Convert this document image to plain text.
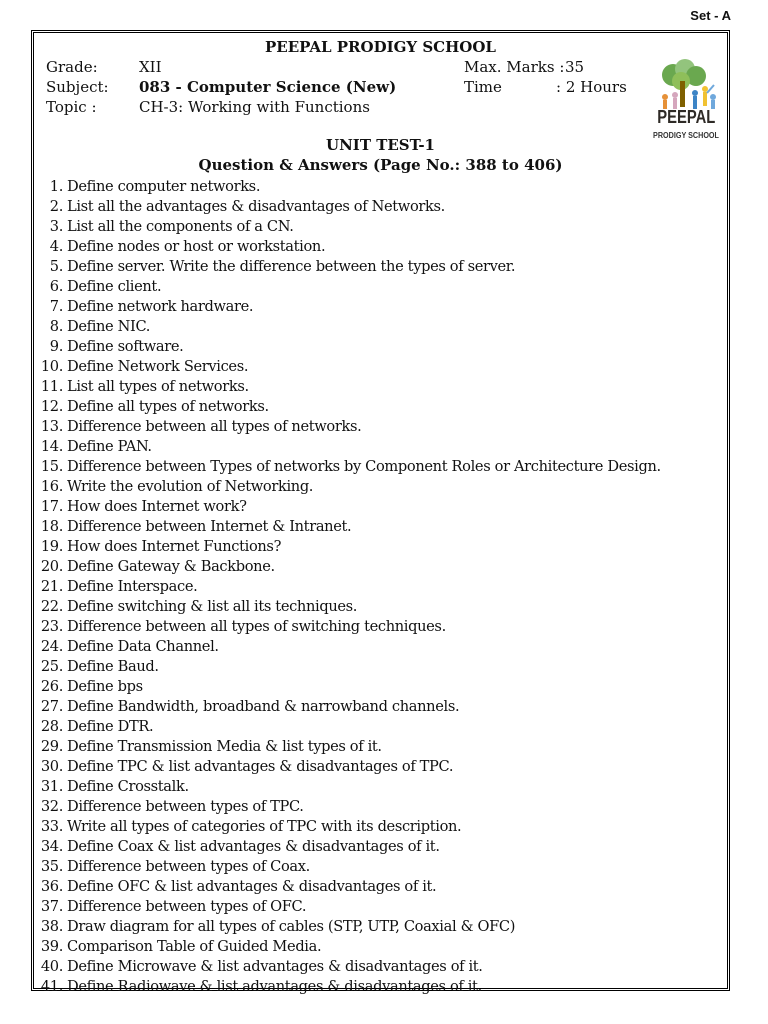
Set - A
PEEPAL PRODIGY SCHOOL
Grade:	XII
Subject: 083 - Computer Science (New)
Topic :	CH-3: Working with Functions
Max. Marks : 35
Time	: 2 Hours
PEEPAL
PRODIGY SCHOOL
UNIT TEST-1
Question & Answers (Page No.: 388 to 406)
1. Define computer networks.
2. List all the advantages & disadvantages of Networks.
3. List all the components of a CN.
4. Define nodes or host or workstation.
5. Define server. Write the difference between the types of server.
6. Define client.
7. Define network hardware.
8. Define NIC.
9. Define software.
10. Define Network Services.
11. List all types of networks.
12. Define all types of networks.
13. Difference between all types of networks.
14. Define PAN.
15. Difference between Types of networks by Component Roles or Architecture Design.
16. Write the evolution of Networking.
17. How does Internet work?
18. Difference between Internet & Intranet.
19. How does Internet Functions?
20. Define Gateway & Backbone.
21. Define Interspace.
22. Define switching & list all its techniques.
23. Difference between all types of switching techniques.
24. Define Data Channel.
25. Define Baud.
26. Define bps
27. Define Bandwidth, broadband & narrowband channels.
28. Define DTR.
29. Define Transmission Media & list types of it.
30. Define TPC & list advantages & disadvantages of TPC.
31. Define Crosstalk.
32. Difference between types of TPC.
33. Write all types of categories of TPC with its description.
34. Define Coax & list advantages & disadvantages of it.
35. Difference between types of Coax.
36. Define OFC & list advantages & disadvantages of it.
37. Difference between types of OFC.
38. Draw diagram for all types of cables (STP, UTP, Coaxial & OFC)
39. Comparison Table of Guided Media.
40. Define Microwave & list advantages & disadvantages of it.
41. Define Radiowave & list advantages & disadvantages of it.
